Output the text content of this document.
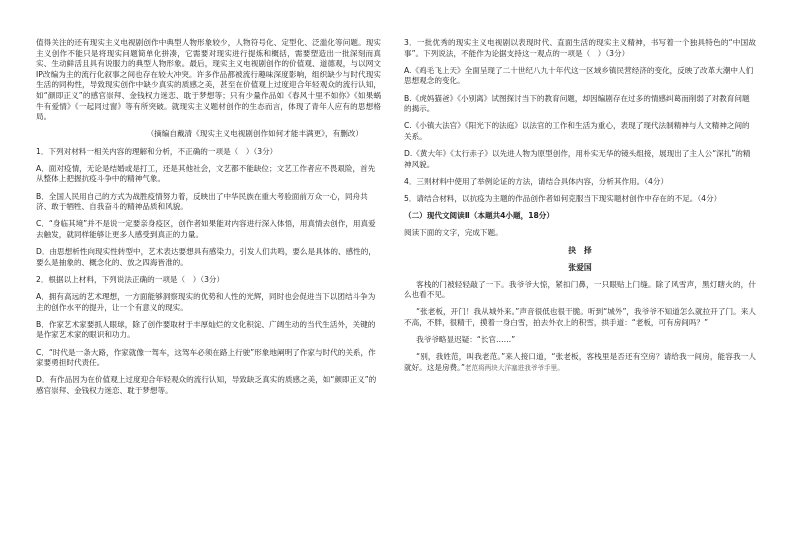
值得关注的还有现实主义电视剧创作中典型人物形象较少，人物符号化、定型化、泛滥化等问题。现实主义创作不能只是将现实问题简单化拼凑，它需要对现实进行提炼和概括，需要塑造出一批深刻而真实、生动鲜活且具有说服力的典型人物形象。最后，现实主义电视剧创作的价值观、道德观，与以网文IP改编为主的流行化叙事之间也存在较大冲突。许多作品都被流行趣味深度影响，组织缺少与时代现实生活的同构性，导致现实创作中缺少真实的质感之美，甚至在价值观上过度迎合年轻观众的流行认知，如“颜即正义”的感官崇拜、金钱权力迷恋、耽于梦想等；只有少量作品如《春风十里不如你》《如果蜗牛有爱情》《一起同过窗》等有所突破。就现实主义题材创作的生态而言，体现了青年人应有的思想格局。

（摘编自戴清《现实主义电视剧创作如何才能丰满更》，有删改）

1．下列对材料一相关内容的理解和分析，不正确的一项是（　）（3分）

A．面对疫情，无论是结婚或是打工，还是其他社会，文艺都不能缺位；文艺工作者应不畏艰险，首先从整体上把握抗疫斗争中的精神气象。

B．全国人民用自己的方式为战胜疫情努力着，反映出了中华民族在重大考验面前万众一心，同舟共济、敢于牺牲、自我奋斗的精神品质和风貌。

C．“身临其境”并不是说一定要亲身疫区，创作者如果能对内容进行深入体悟，用真情去创作，用真爱去触发，就同样能够让更多人感受到真正的力量。

D．由思想析性向现实性转型中，艺术表达要想具有感染力，引发人们共鸣，要么是具体的、感性的，要么是抽象的、概念化的、放之四海皆准的。

2．根据以上材料，下列说法正确的一项是（　）（3分）

A．拥有高远的艺术理想，一方面能够洞察现实的优势和人性的光辉，同时也会促进当下以团结斗争为主的创作水平的提升，让一个有意义的现实。

B．作家艺术家要抓人眼球，除了创作要取材于丰厚灿烂的文化积淀、广阔生动的当代生活外，关键的是作家艺术家的眼识和功力。

C．“时代是一条大路，作家就像一驾车，这驾车必须在路上行驶”形象地阐明了作家与时代的关系，作家要勇担时代责任。

D．有作品因为在价值观上过度迎合年轻观众的流行认知，导致缺乏真实的质感之美，如“颜即正义”的感官崇拜、金钱权力迷恋、耽于梦想等。

3．一批优秀的现实主义电视剧以表现时代、直面生活的现实主义精神，书写着一个独具特色的“中国故事”。下列说法，不能作为论据支持这一观点的一项是（　）（3分）

A.《鸡毛飞上天》全面呈现了二十世纪八九十年代这一区域乡镇民营经济的变化，反映了改革大潮中人们思想观念的变化。

B.《虎妈猫爸》《小别离》试图探讨当下的教育问题，却因编剧存在过多的情感纠葛而削弱了对教育问题的揭示。

C.《小镇大法官》《阳光下的法庭》以法官的工作和生活为重心，表现了现代法制精神与人文精神之间的关系。

D.《黄大年》《太行赤子》以先进人物为原型创作，用朴实无华的镜头组接，展现出了主人公“深扎”的精神风貌。

4．三则材料中使用了举例论证的方法，请结合具体内容，分析其作用。（4分）

5．请结合材料，以抗疫为主题的作品创作者如何克服当下现实题材创作中存在的不足。（4分）

（二）现代文阅读Ⅱ（本题共4小题，18分）

阅读下面的文字，完成下题。

抉　择

张爱国

客栈的门被轻轻敲了一下。我爷爷大惊，紧扣门鼻，一只眼贴上门缝。除了风雪声，黑灯瞎火的，什么也看不见。

“张老板，开门！我从城外来。”声音很低也很干脆。听到“城外”，我爷爷不知道怎么就拉开了门。来人不高，不胖，很精干，摸着一身白雪，拍去外衣上的积雪，拱手道：“老板，可有房间吗？”

我爷爷略显迟疑：“长官……”

“别，我姓范，叫我老范。”来人接口道，“张老板，客栈里是否还有空房？请给我一间房，能容我一人就好。这是房费。”老范将两块大洋塞进我爷爷手里。
